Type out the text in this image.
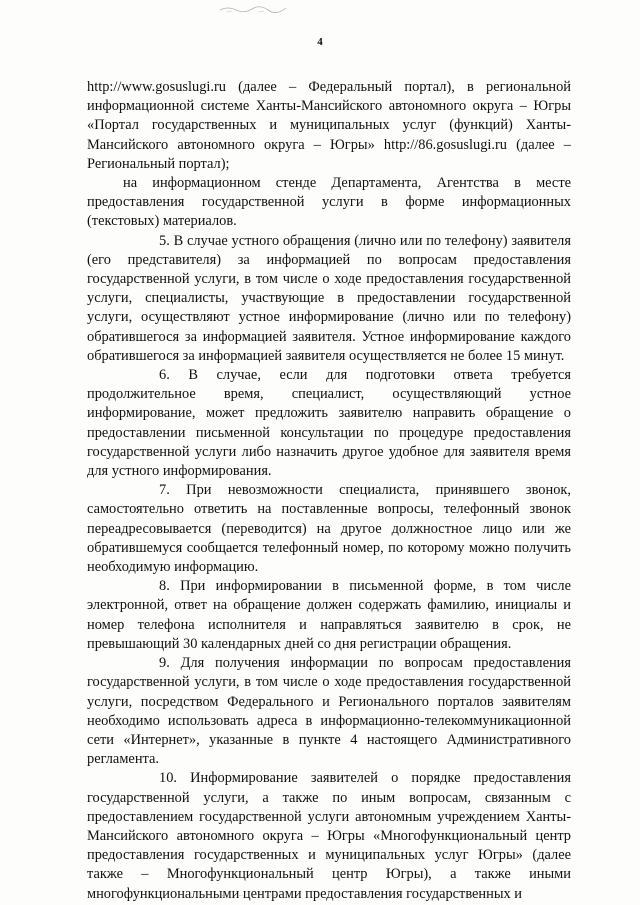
4

http://www.gosuslugi.ru (далее – Федеральный портал), в региональной информационной системе Ханты-Мансийского автономного округа – Югры «Портал государственных и муниципальных услуг (функций) Ханты-Мансийского автономного округа – Югры» http://86.gosuslugi.ru (далее – Региональный портал);

на информационном стенде Департамента, Агентства в месте предоставления государственной услуги в форме информационных (текстовых) материалов.

5. В случае устного обращения (лично или по телефону) заявителя (его представителя) за информацией по вопросам предоставления государственной услуги, в том числе о ходе предоставления государственной услуги, специалисты, участвующие в предоставлении государственной услуги, осуществляют устное информирование (лично или по телефону) обратившегося за информацией заявителя. Устное информирование каждого обратившегося за информацией заявителя осуществляется не более 15 минут.

6. В случае, если для подготовки ответа требуется продолжительное время, специалист, осуществляющий устное информирование, может предложить заявителю направить обращение о предоставлении письменной консультации по процедуре предоставления государственной услуги либо назначить другое удобное для заявителя время для устного информирования.

7. При невозможности специалиста, принявшего звонок, самостоятельно ответить на поставленные вопросы, телефонный звонок переадресовывается (переводится) на другое должностное лицо или же обратившемуся сообщается телефонный номер, по которому можно получить необходимую информацию.

8. При информировании в письменной форме, в том числе электронной, ответ на обращение должен содержать фамилию, инициалы и номер телефона исполнителя и направляться заявителю в срок, не превышающий 30 календарных дней со дня регистрации обращения.

9. Для получения информации по вопросам предоставления государственной услуги, в том числе о ходе предоставления государственной услуги, посредством Федерального и Регионального порталов заявителям необходимо использовать адреса в информационно-телекоммуникационной сети «Интернет», указанные в пункте 4 настоящего Административного регламента.

10. Информирование заявителей о порядке предоставления государственной услуги, а также по иным вопросам, связанным с предоставлением государственной услуги автономным учреждением Ханты-Мансийского автономного округа – Югры «Многофункциональный центр предоставления государственных и муниципальных услуг Югры» (далее также – Многофункциональный центр Югры), а также иными многофункциональными центрами предоставления государственных и
